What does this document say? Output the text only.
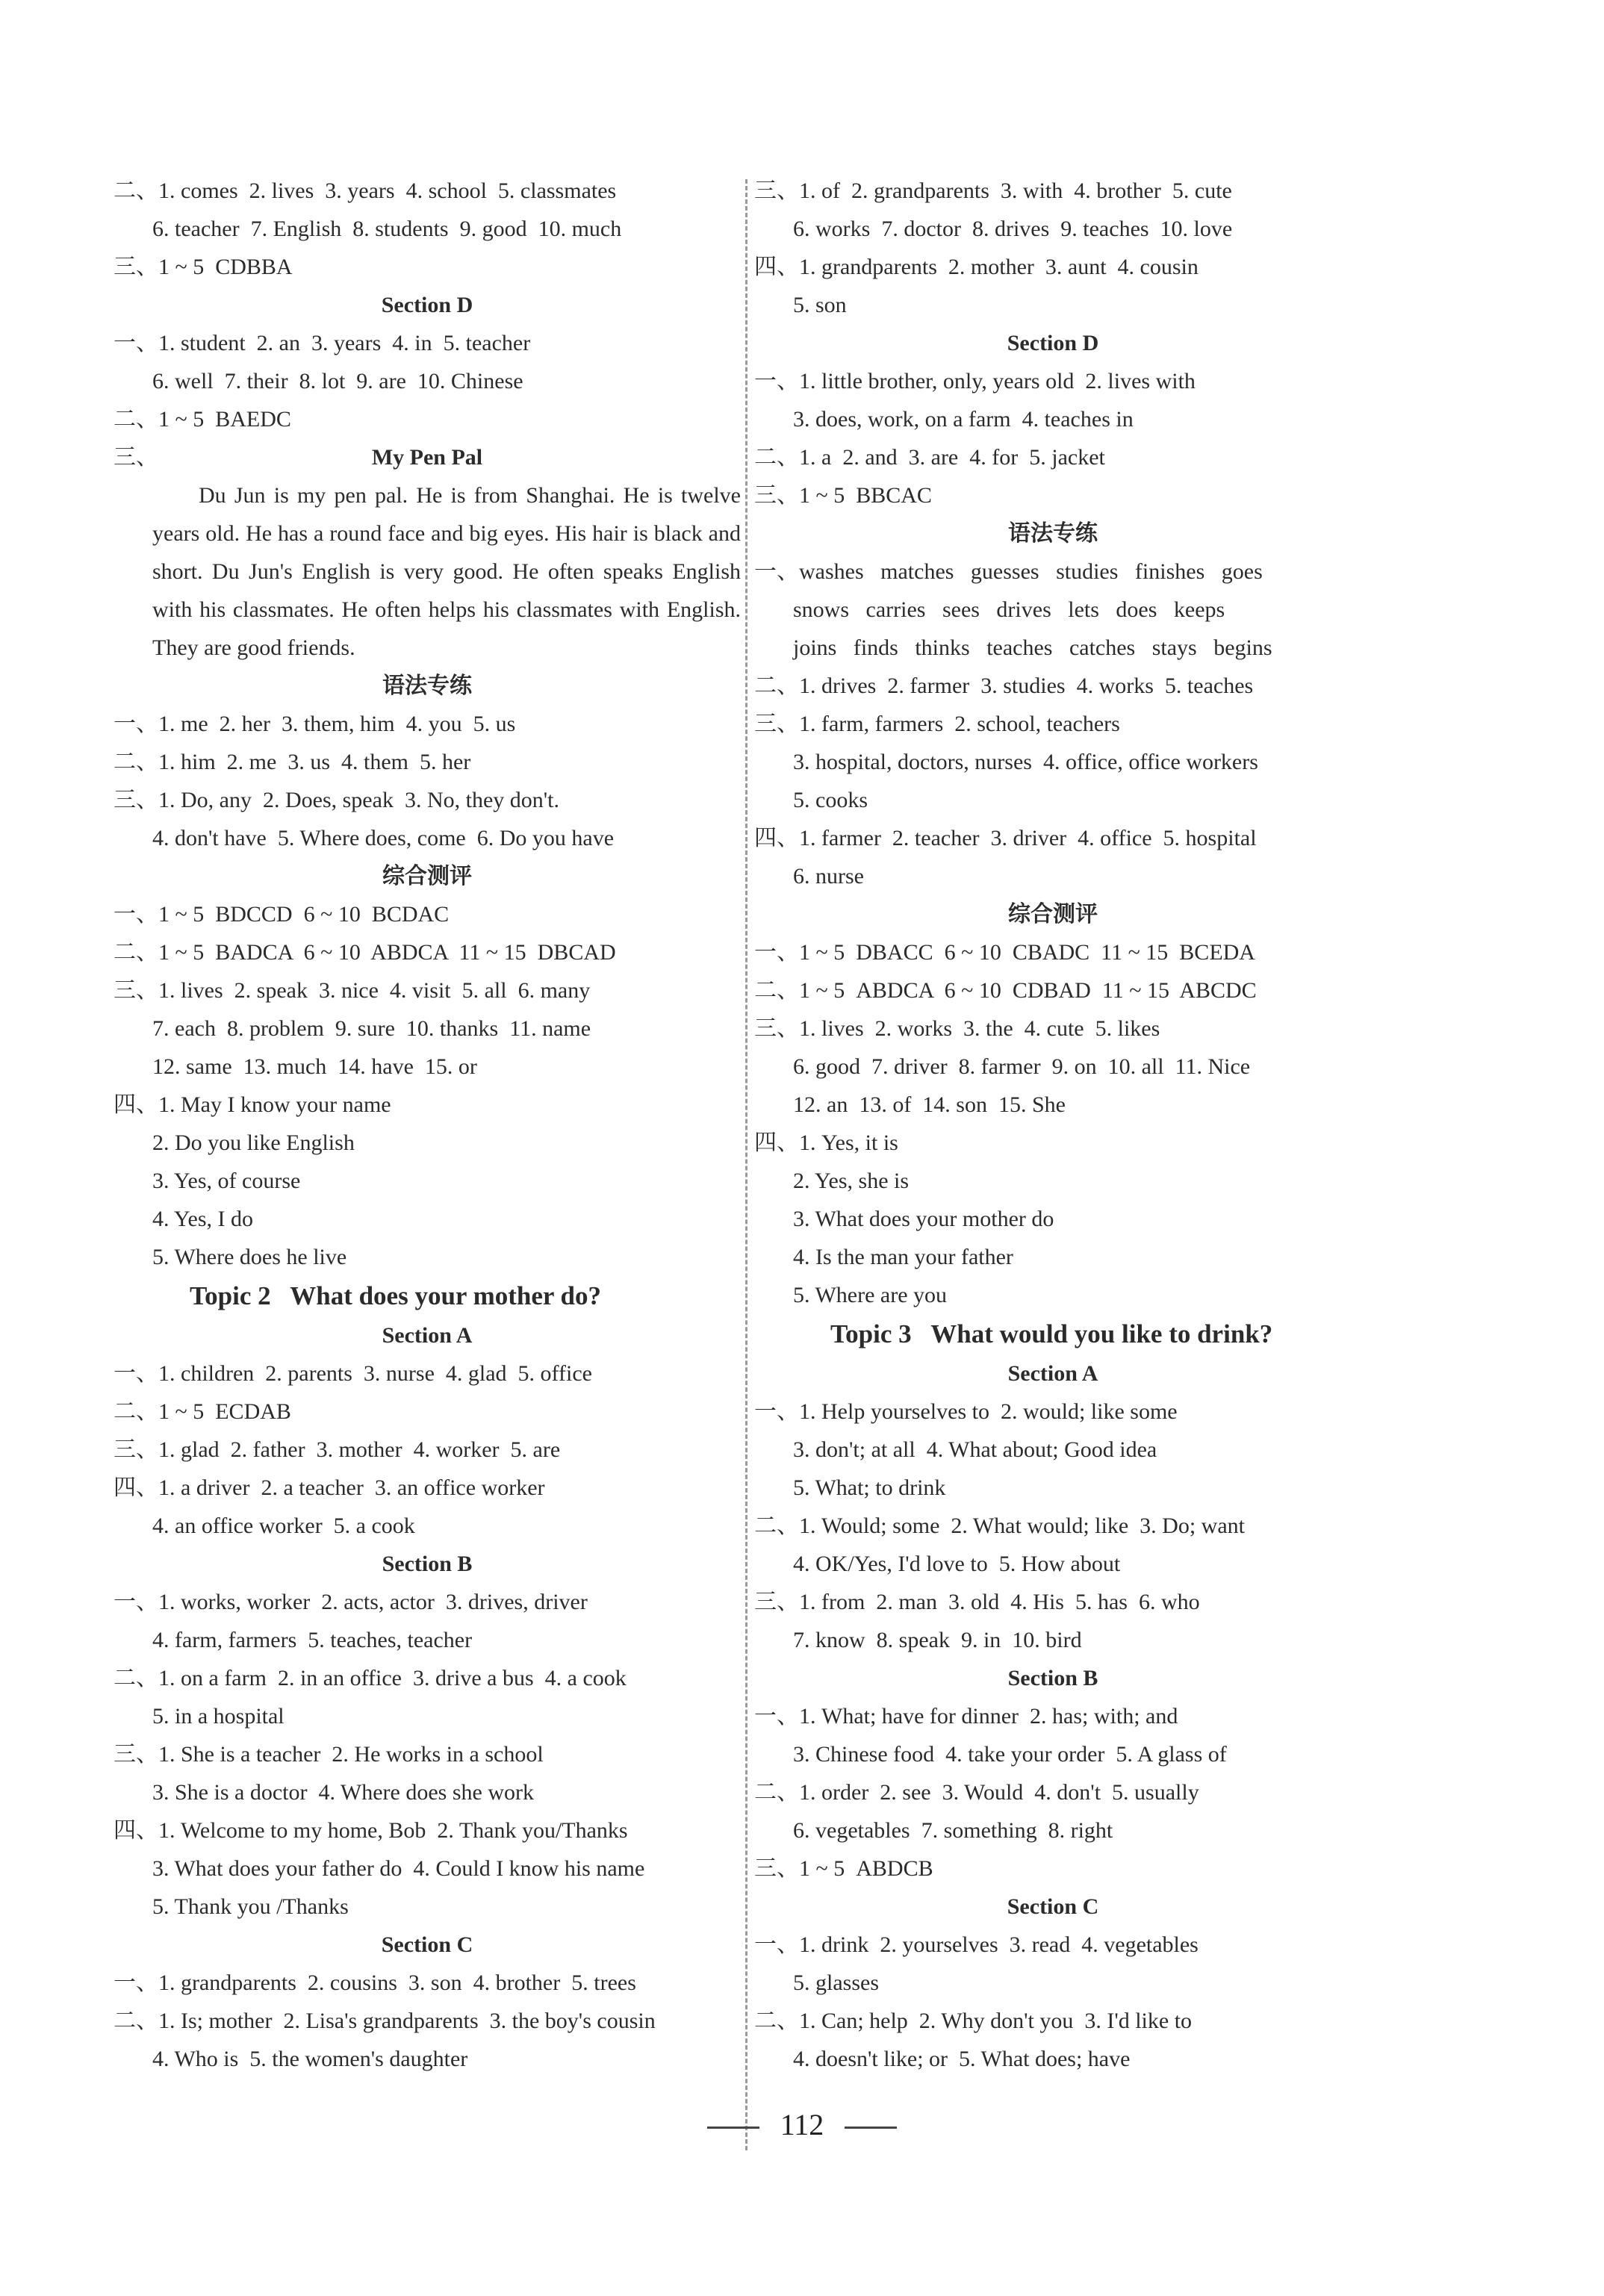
二、1. comes  2. lives  3. years  4. school  5. classmates
6. teacher  7. English  8. students  9. good  10. much
三、1 ~ 5  CDBBA
Section D
一、1. student  2. an  3. years  4. in  5. teacher
6. well  7. their  8. lot  9. are  10. Chinese
二、1 ~ 5  BAEDC
三、	My Pen Pal
Du Jun is my pen pal. He is from Shanghai. He is twelve years old. He has a round face and big eyes. His hair is black and short. Du Jun's English is very good. He often speaks English with his classmates. He often helps his classmates with English. They are good friends.
语法专练
一、1. me  2. her  3. them, him  4. you  5. us
二、1. him  2. me  3. us  4. them  5. her
三、1. Do, any  2. Does, speak  3. No, they don't.
4. don't have  5. Where does, come  6. Do you have
综合测评
一、1 ~ 5  BDCCD  6 ~ 10  BCDAC
二、1 ~ 5  BADCA  6 ~ 10  ABDCA  11 ~ 15  DBCAD
三、1. lives  2. speak  3. nice  4. visit  5. all  6. many
7. each  8. problem  9. sure  10. thanks  11. name
12. same  13. much  14. have  15. or
四、1. May I know your name
2. Do you like English
3. Yes, of course
4. Yes, I do
5. Where does he live
Topic 2   What does your mother do?
Section A
一、1. children  2. parents  3. nurse  4. glad  5. office
二、1 ~ 5  ECDAB
三、1. glad  2. father  3. mother  4. worker  5. are
四、1. a driver  2. a teacher  3. an office worker
4. an office worker  5. a cook
Section B
一、1. works, worker  2. acts, actor  3. drives, driver
4. farm, farmers  5. teaches, teacher
二、1. on a farm  2. in an office  3. drive a bus  4. a cook
5. in a hospital
三、1. She is a teacher  2. He works in a school
3. She is a doctor  4. Where does she work
四、1. Welcome to my home, Bob  2. Thank you/Thanks
3. What does your father do  4. Could I know his name
5. Thank you /Thanks
Section C
一、1. grandparents  2. cousins  3. son  4. brother  5. trees
二、1. Is; mother  2. Lisa's grandparents  3. the boy's cousin
4. Who is  5. the women's daughter
三、1. of  2. grandparents  3. with  4. brother  5. cute
6. works  7. doctor  8. drives  9. teaches  10. love
四、1. grandparents  2. mother  3. aunt  4. cousin
5. son
Section D
一、1. little brother, only, years old  2. lives with
3. does, work, on a farm  4. teaches in
二、1. a  2. and  3. are  4. for  5. jacket
三、1 ~ 5  BBCAC
语法专练
一、washes   matches   guesses   studies   finishes   goes
snows   carries   sees   drives   lets   does   keeps
joins   finds   thinks   teaches   catches   stays   begins
二、1. drives  2. farmer  3. studies  4. works  5. teaches
三、1. farm, farmers  2. school, teachers
3. hospital, doctors, nurses  4. office, office workers
5. cooks
四、1. farmer  2. teacher  3. driver  4. office  5. hospital
6. nurse
综合测评
一、1 ~ 5  DBACC  6 ~ 10  CBADC  11 ~ 15  BCEDA
二、1 ~ 5  ABDCA  6 ~ 10  CDBAD  11 ~ 15  ABCDC
三、1. lives  2. works  3. the  4. cute  5. likes
6. good  7. driver  8. farmer  9. on  10. all  11. Nice
12. an  13. of  14. son  15. She
四、1. Yes, it is
2. Yes, she is
3. What does your mother do
4. Is the man your father
5. Where are you
Topic 3   What would you like to drink?
Section A
一、1. Help yourselves to  2. would; like some
3. don't; at all  4. What about; Good idea
5. What; to drink
二、1. Would; some  2. What would; like  3. Do; want
4. OK/Yes, I'd love to  5. How about
三、1. from  2. man  3. old  4. His  5. has  6. who
7. know  8. speak  9. in  10. bird
Section B
一、1. What; have for dinner  2. has; with; and
3. Chinese food  4. take your order  5. A glass of
二、1. order  2. see  3. Would  4. don't  5. usually
6. vegetables  7. something  8. right
三、1 ~ 5  ABDCB
Section C
一、1. drink  2. yourselves  3. read  4. vegetables
5. glasses
二、1. Can; help  2. Why don't you  3. I'd like to
4. doesn't like; or  5. What does; have
112
